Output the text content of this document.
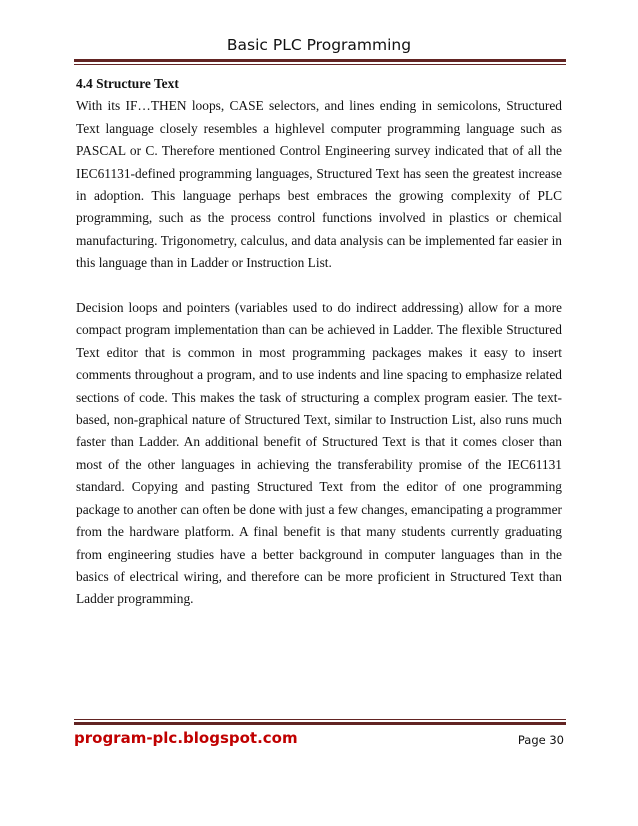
Basic PLC Programming

4.4 Structure Text

With its IF…THEN loops, CASE selectors, and lines ending in semicolons, Structured Text language closely resembles a highlevel computer programming language such as PASCAL or C. Therefore mentioned Control Engineering survey indicated that of all the IEC61131-defined programming languages, Structured Text has seen the greatest increase in adoption. This language perhaps best embraces the growing complexity of PLC programming, such as the process control functions involved in plastics or chemical manufacturing. Trigonometry, calculus, and data analysis can be implemented far easier in this language than in Ladder or Instruction List.

Decision loops and pointers (variables used to do indirect addressing) allow for a more compact program implementation than can be achieved in Ladder. The flexible Structured Text editor that is common in most programming packages makes it easy to insert comments throughout a program, and to use indents and line spacing to emphasize related sections of code. This makes the task of structuring a complex program easier. The text-based, non-graphical nature of Structured Text, similar to Instruction List, also runs much faster than Ladder. An additional benefit of Structured Text is that it comes closer than most of the other languages in achieving the transferability promise of the IEC61131 standard. Copying and pasting Structured Text from the editor of one programming package to another can often be done with just a few changes, emancipating a programmer from the hardware platform. A final benefit is that many students currently graduating from engineering studies have a better background in computer languages than in the basics of electrical wiring, and therefore can be more proficient in Structured Text than Ladder programming.

program-plc.blogspot.com	Page 30
